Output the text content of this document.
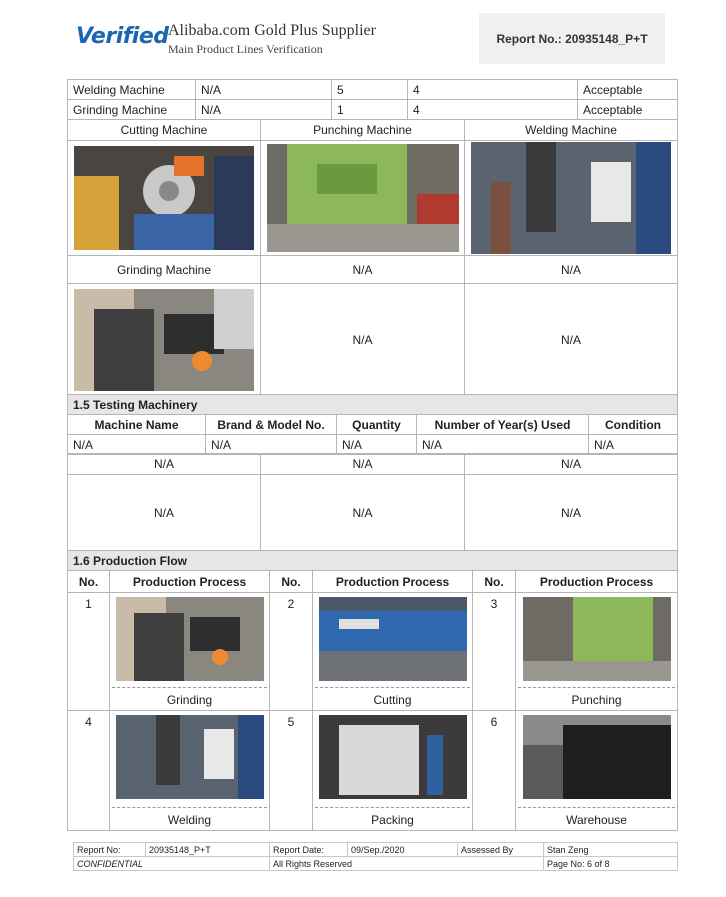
Verified Alibaba.com Gold Plus Supplier
Main Product Lines Verification
Report No.: 20935148_P+T
Welding Machine	N/A	5	4	Acceptable
Grinding Machine	N/A	1	4	Acceptable
Cutting Machine	Punching Machine	Welding Machine

Grinding Machine	N/A	N/A

	N/A	N/A
1.5 Testing Machinery				
Machine Name	Brand & Model No.	Quantity	Number of Year(s) Used	Condition
N/A	N/A	N/A	N/A	N/A
N/A	N/A	N/A
N/A	N/A	N/A
1.6 Production Flow					
No.	Production Process	No.	Production Process	No.	Production Process
1	Grinding	2	Cutting	3	Punching

4	Welding	5	Packing	6	Warehouse
Report No:	20935148_P+T	Report Date:	09/Sep./2020	Assessed By	Stan Zeng
CONFIDENTIAL		All Rights Reserved			Page No: 6 of 8
